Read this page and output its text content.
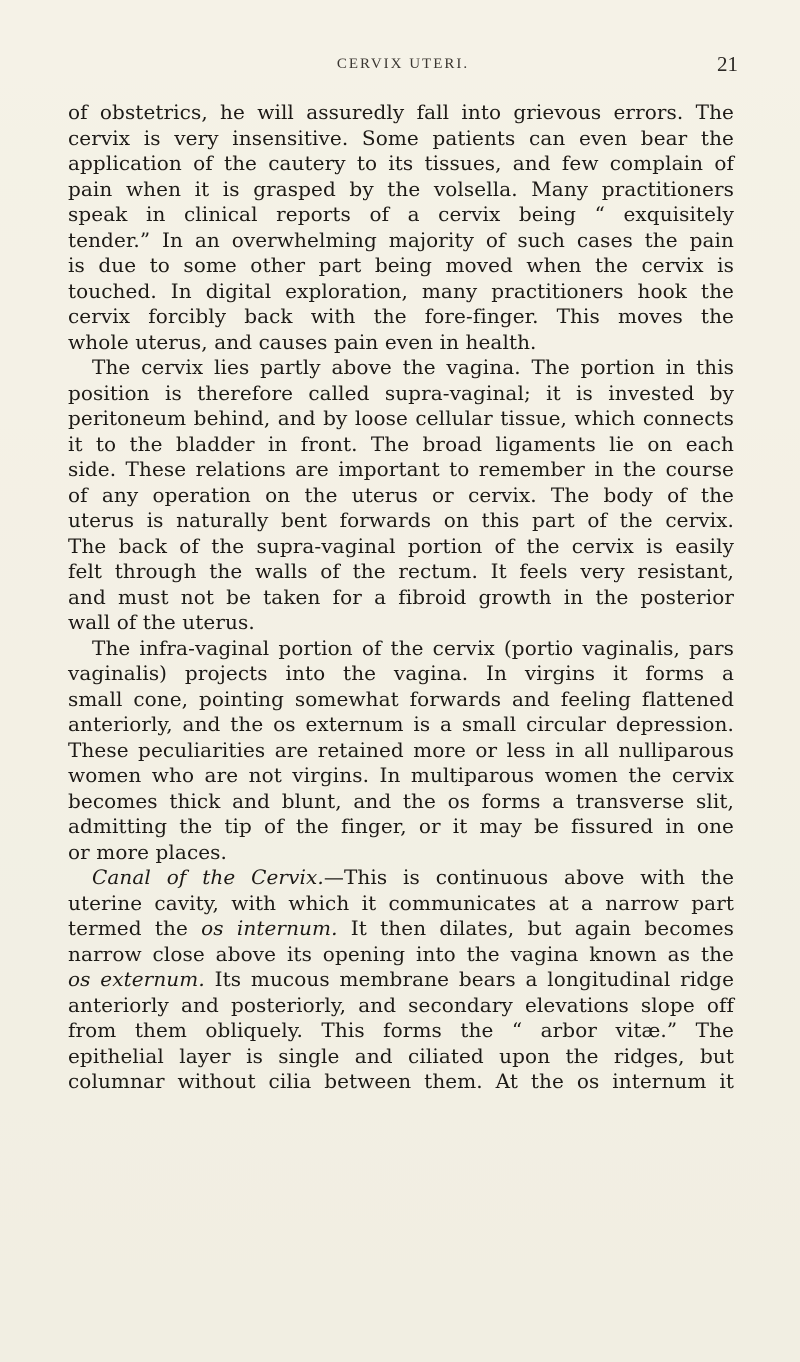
CERVIX UTERI.	21
of obstetrics, he will assuredly fall into grievous errors. The
cervix is very insensitive. Some patients can even bear the
application of the cautery to its tissues, and few complain of
pain when it is grasped by the volsella. Many practitioners
speak in clinical reports of a cervix being “ exquisitely
tender.” In an overwhelming majority of such cases the pain
is due to some other part being moved when the cervix is
touched. In digital exploration, many practitioners hook the
cervix forcibly back with the fore-finger. This moves the
whole uterus, and causes pain even in health.
The cervix lies partly above the vagina. The portion in this
position is therefore called supra-vaginal; it is invested by
peritoneum behind, and by loose cellular tissue, which connects
it to the bladder in front. The broad ligaments lie on each
side. These relations are important to remember in the course
of any operation on the uterus or cervix. The body of the
uterus is naturally bent forwards on this part of the cervix.
The back of the supra-vaginal portion of the cervix is easily
felt through the walls of the rectum. It feels very resistant,
and must not be taken for a fibroid growth in the posterior
wall of the uterus.
The infra-vaginal portion of the cervix (portio vaginalis, pars
vaginalis) projects into the vagina. In virgins it forms a
small cone, pointing somewhat forwards and feeling flattened
anteriorly, and the os externum is a small circular depression.
These peculiarities are retained more or less in all nulliparous
women who are not virgins. In multiparous women the cervix
becomes thick and blunt, and the os forms a transverse slit,
admitting the tip of the finger, or it may be fissured in one
or more places.
Canal of the Cervix.—This is continuous above with the
uterine cavity, with which it communicates at a narrow part
termed the os internum. It then dilates, but again becomes
narrow close above its opening into the vagina known as the
os externum. Its mucous membrane bears a longitudinal ridge
anteriorly and posteriorly, and secondary elevations slope off
from them obliquely. This forms the “ arbor vitæ.” The
epithelial layer is single and ciliated upon the ridges, but
columnar without cilia between them. At the os internum it
